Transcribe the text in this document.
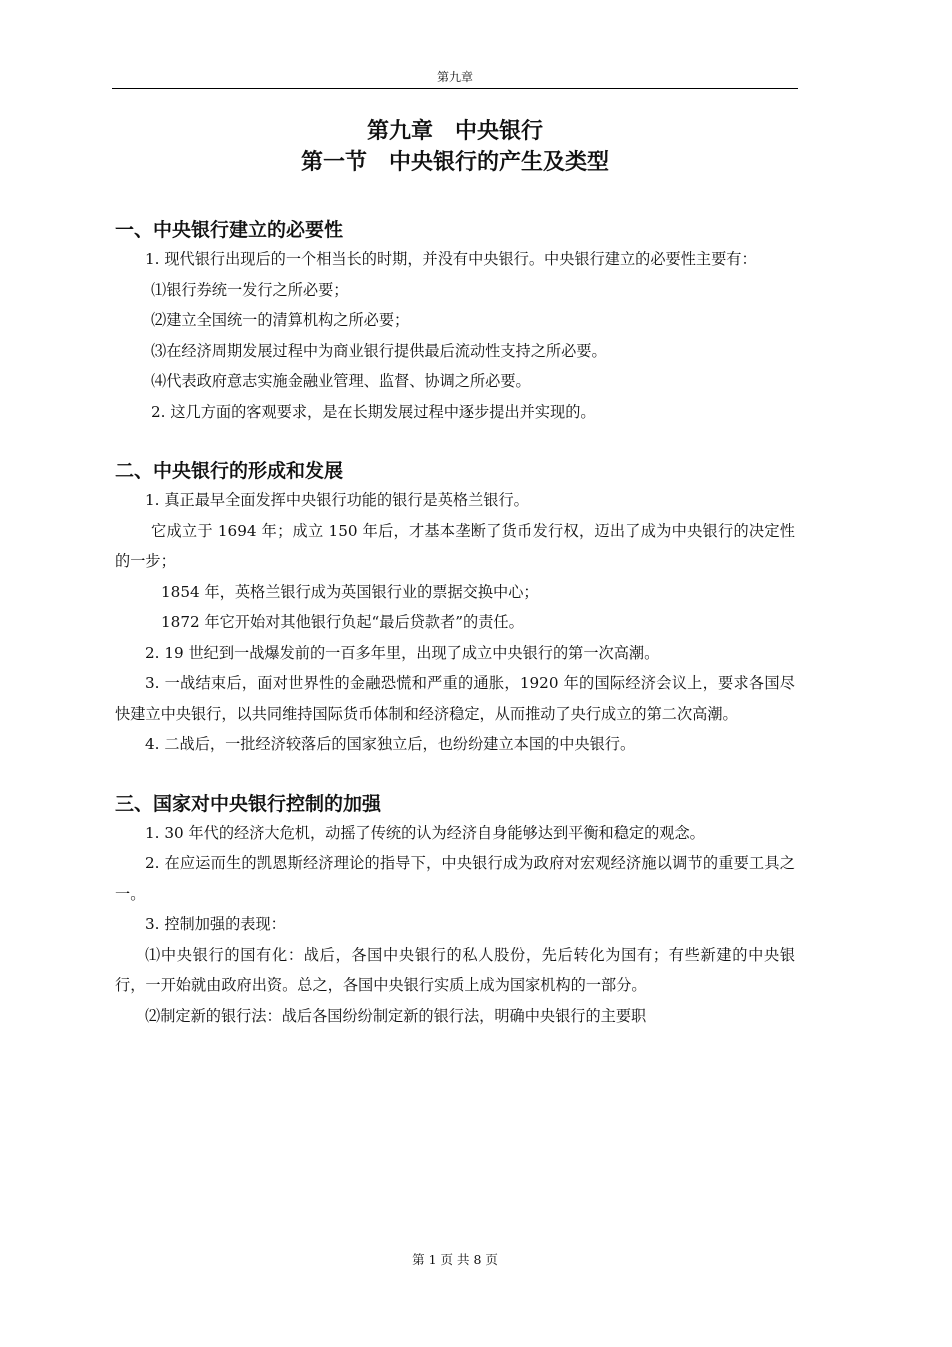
第九章
第九章　中央银行
第一节　中央银行的产生及类型
一、中央银行建立的必要性

1. 现代银行出现后的一个相当长的时期，并没有中央银行。中央银行建立的必要性主要有：

⑴银行券统一发行之所必要；

⑵建立全国统一的清算机构之所必要；

⑶在经济周期发展过程中为商业银行提供最后流动性支持之所必要。

⑷代表政府意志实施金融业管理、监督、协调之所必要。

2. 这几方面的客观要求，是在长期发展过程中逐步提出并实现的。

二、中央银行的形成和发展

1. 真正最早全面发挥中央银行功能的银行是英格兰银行。

它成立于 1694 年；成立 150 年后，才基本垄断了货币发行权，迈出了成为中央银行的决定性的一步；

1854 年，英格兰银行成为英国银行业的票据交换中心；

1872 年它开始对其他银行负起“最后贷款者”的责任。

2. 19 世纪到一战爆发前的一百多年里，出现了成立中央银行的第一次高潮。

3. 一战结束后，面对世界性的金融恐慌和严重的通胀，1920 年的国际经济会议上，要求各国尽快建立中央银行，以共同维持国际货币体制和经济稳定，从而推动了央行成立的第二次高潮。

4. 二战后，一批经济较落后的国家独立后，也纷纷建立本国的中央银行。

三、国家对中央银行控制的加强

1. 30 年代的经济大危机，动摇了传统的认为经济自身能够达到平衡和稳定的观念。

2. 在应运而生的凯恩斯经济理论的指导下，中央银行成为政府对宏观经济施以调节的重要工具之一。

3. 控制加强的表现：

⑴中央银行的国有化：战后，各国中央银行的私人股份，先后转化为国有；有些新建的中央银行，一开始就由政府出资。总之，各国中央银行实质上成为国家机构的一部分。

⑵制定新的银行法：战后各国纷纷制定新的银行法，明确中央银行的主要职

第 1 页 共 8 页
